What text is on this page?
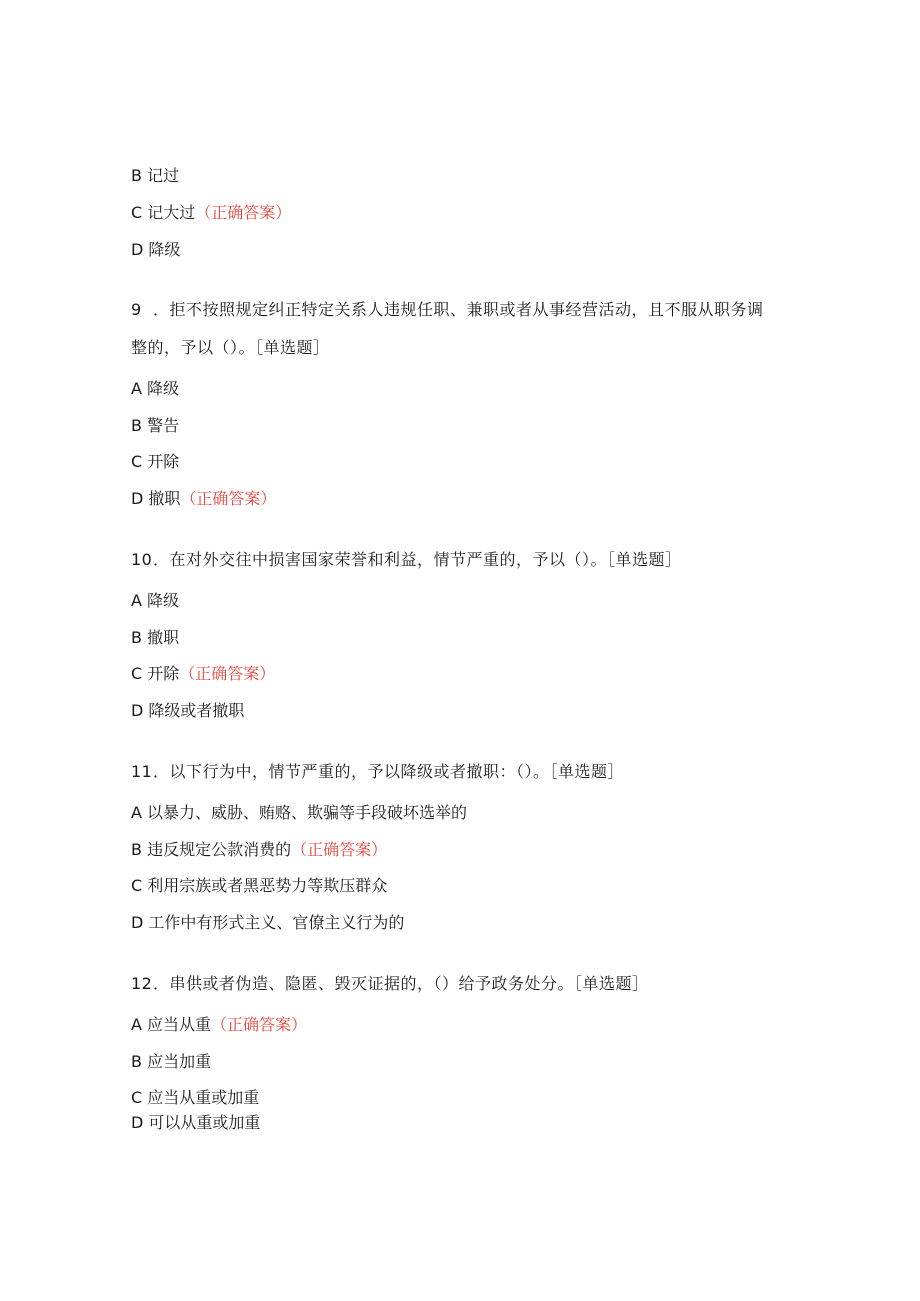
B 记过
C 记大过（正确答案）
D 降级
9 ．拒不按照规定纠正特定关系人违规任职、兼职或者从事经营活动，且不服从职务调
整的，予以（）。［单选题］
A 降级
B 警告
C 开除
D 撤职（正确答案）
10．在对外交往中损害国家荣誉和利益，情节严重的，予以（）。［单选题］
A 降级
B 撤职
C 开除（正确答案）
D 降级或者撤职
11．以下行为中，情节严重的，予以降级或者撤职：（）。［单选题］
A 以暴力、威胁、贿赂、欺骗等手段破坏选举的
B 违反规定公款消费的（正确答案）
C 利用宗族或者黑恶势力等欺压群众
D 工作中有形式主义、官僚主义行为的
12．串供或者伪造、隐匿、毁灭证据的，（）给予政务处分。［单选题］
A 应当从重（正确答案）
B 应当加重
C 应当从重或加重
D 可以从重或加重
